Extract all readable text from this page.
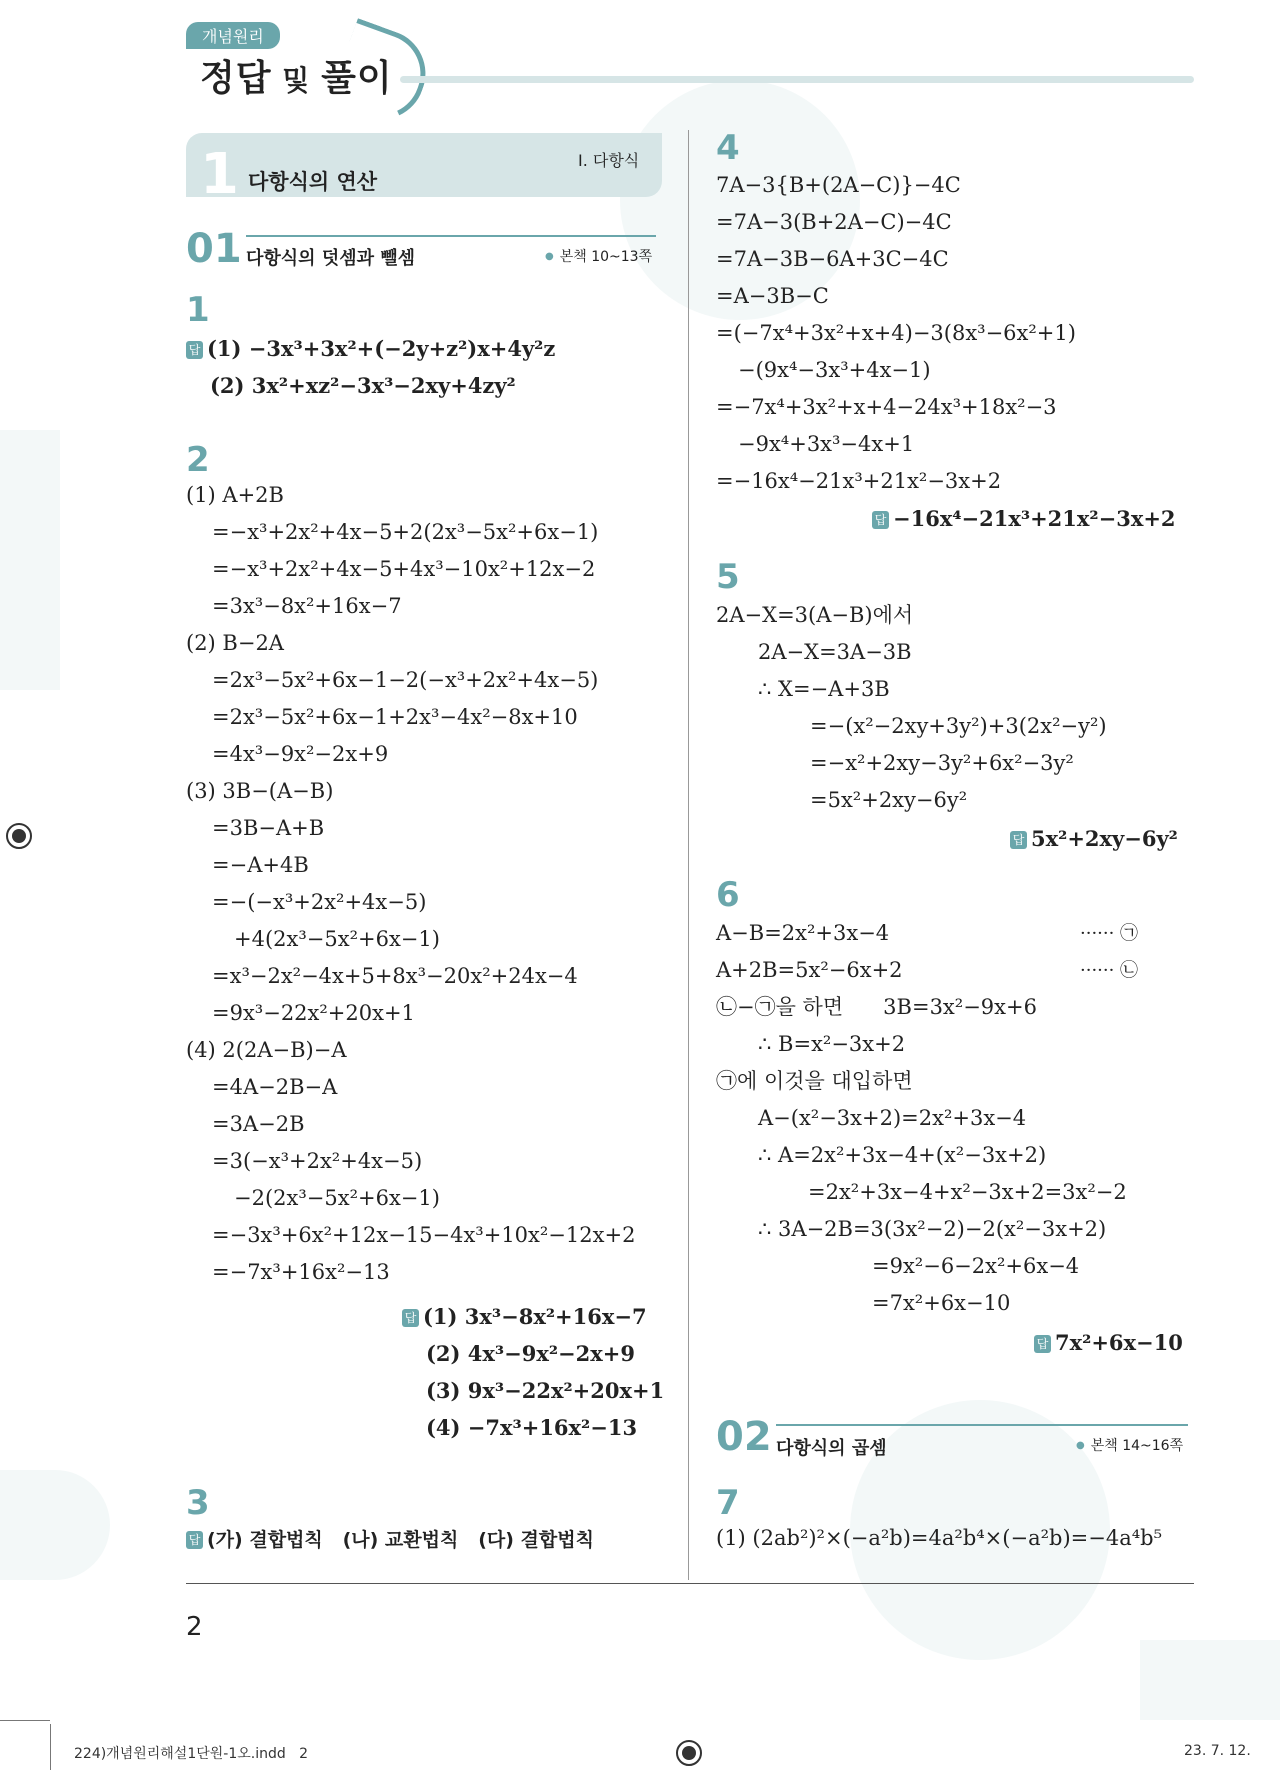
개념원리
정답 및 풀이
1 다항식의 연산
I. 다항식
01 다항식의 덧셈과 뺄셈	● 본책 10~13쪽
1
답 (1) −3x³+3x²+(−2y+z²)x+4y²z
(2) 3x²+xz²−3x³−2xy+4zy²
2
(1) A+2B
=−x³+2x²+4x−5+2(2x³−5x²+6x−1)
=−x³+2x²+4x−5+4x³−10x²+12x−2
=3x³−8x²+16x−7
(2) B−2A
=2x³−5x²+6x−1−2(−x³+2x²+4x−5)
=2x³−5x²+6x−1+2x³−4x²−8x+10
=4x³−9x²−2x+9
(3) 3B−(A−B)
=3B−A+B
=−A+4B
=−(−x³+2x²+4x−5)
+4(2x³−5x²+6x−1)
=x³−2x²−4x+5+8x³−20x²+24x−4
=9x³−22x²+20x+1
(4) 2(2A−B)−A
=4A−2B−A
=3A−2B
=3(−x³+2x²+4x−5)
−2(2x³−5x²+6x−1)
=−3x³+6x²+12x−15−4x³+10x²−12x+2
=−7x³+16x²−13
답 (1) 3x³−8x²+16x−7
(2) 4x³−9x²−2x+9
(3) 9x³−22x²+20x+1
(4) −7x³+16x²−13
3
답 (가) 결합법칙   (나) 교환법칙   (다) 결합법칙
4
7A−3{B+(2A−C)}−4C
=7A−3(B+2A−C)−4C
=7A−3B−6A+3C−4C
=A−3B−C
=(−7x⁴+3x²+x+4)−3(8x³−6x²+1)
−(9x⁴−3x³+4x−1)
=−7x⁴+3x²+x+4−24x³+18x²−3
−9x⁴+3x³−4x+1
=−16x⁴−21x³+21x²−3x+2
답 −16x⁴−21x³+21x²−3x+2
5
2A−X=3(A−B)에서
2A−X=3A−3B
∴ X=−A+3B
=−(x²−2xy+3y²)+3(2x²−y²)
=−x²+2xy−3y²+6x²−3y²
=5x²+2xy−6y²
답 5x²+2xy−6y²
6
A−B=2x²+3x−4
A+2B=5x²−6x+2
㉡−㉠을 하면      3B=3x²−9x+6
∴ B=x²−3x+2
㉠에 이것을 대입하면
A−(x²−3x+2)=2x²+3x−4
∴ A=2x²+3x−4+(x²−3x+2)
=2x²+3x−4+x²−3x+2=3x²−2
∴ 3A−2B=3(3x²−2)−2(x²−3x+2)
=9x²−6−2x²+6x−4
=7x²+6x−10
······ ㉠
······ ㉡
답 7x²+6x−10
02 다항식의 곱셈	● 본책 14~16쪽
7
(1) (2ab²)²×(−a²b)=4a²b⁴×(−a²b)=−4a⁴b⁵
2
224)개념원리해설1단원-1오.indd   2	23. 7. 12.
